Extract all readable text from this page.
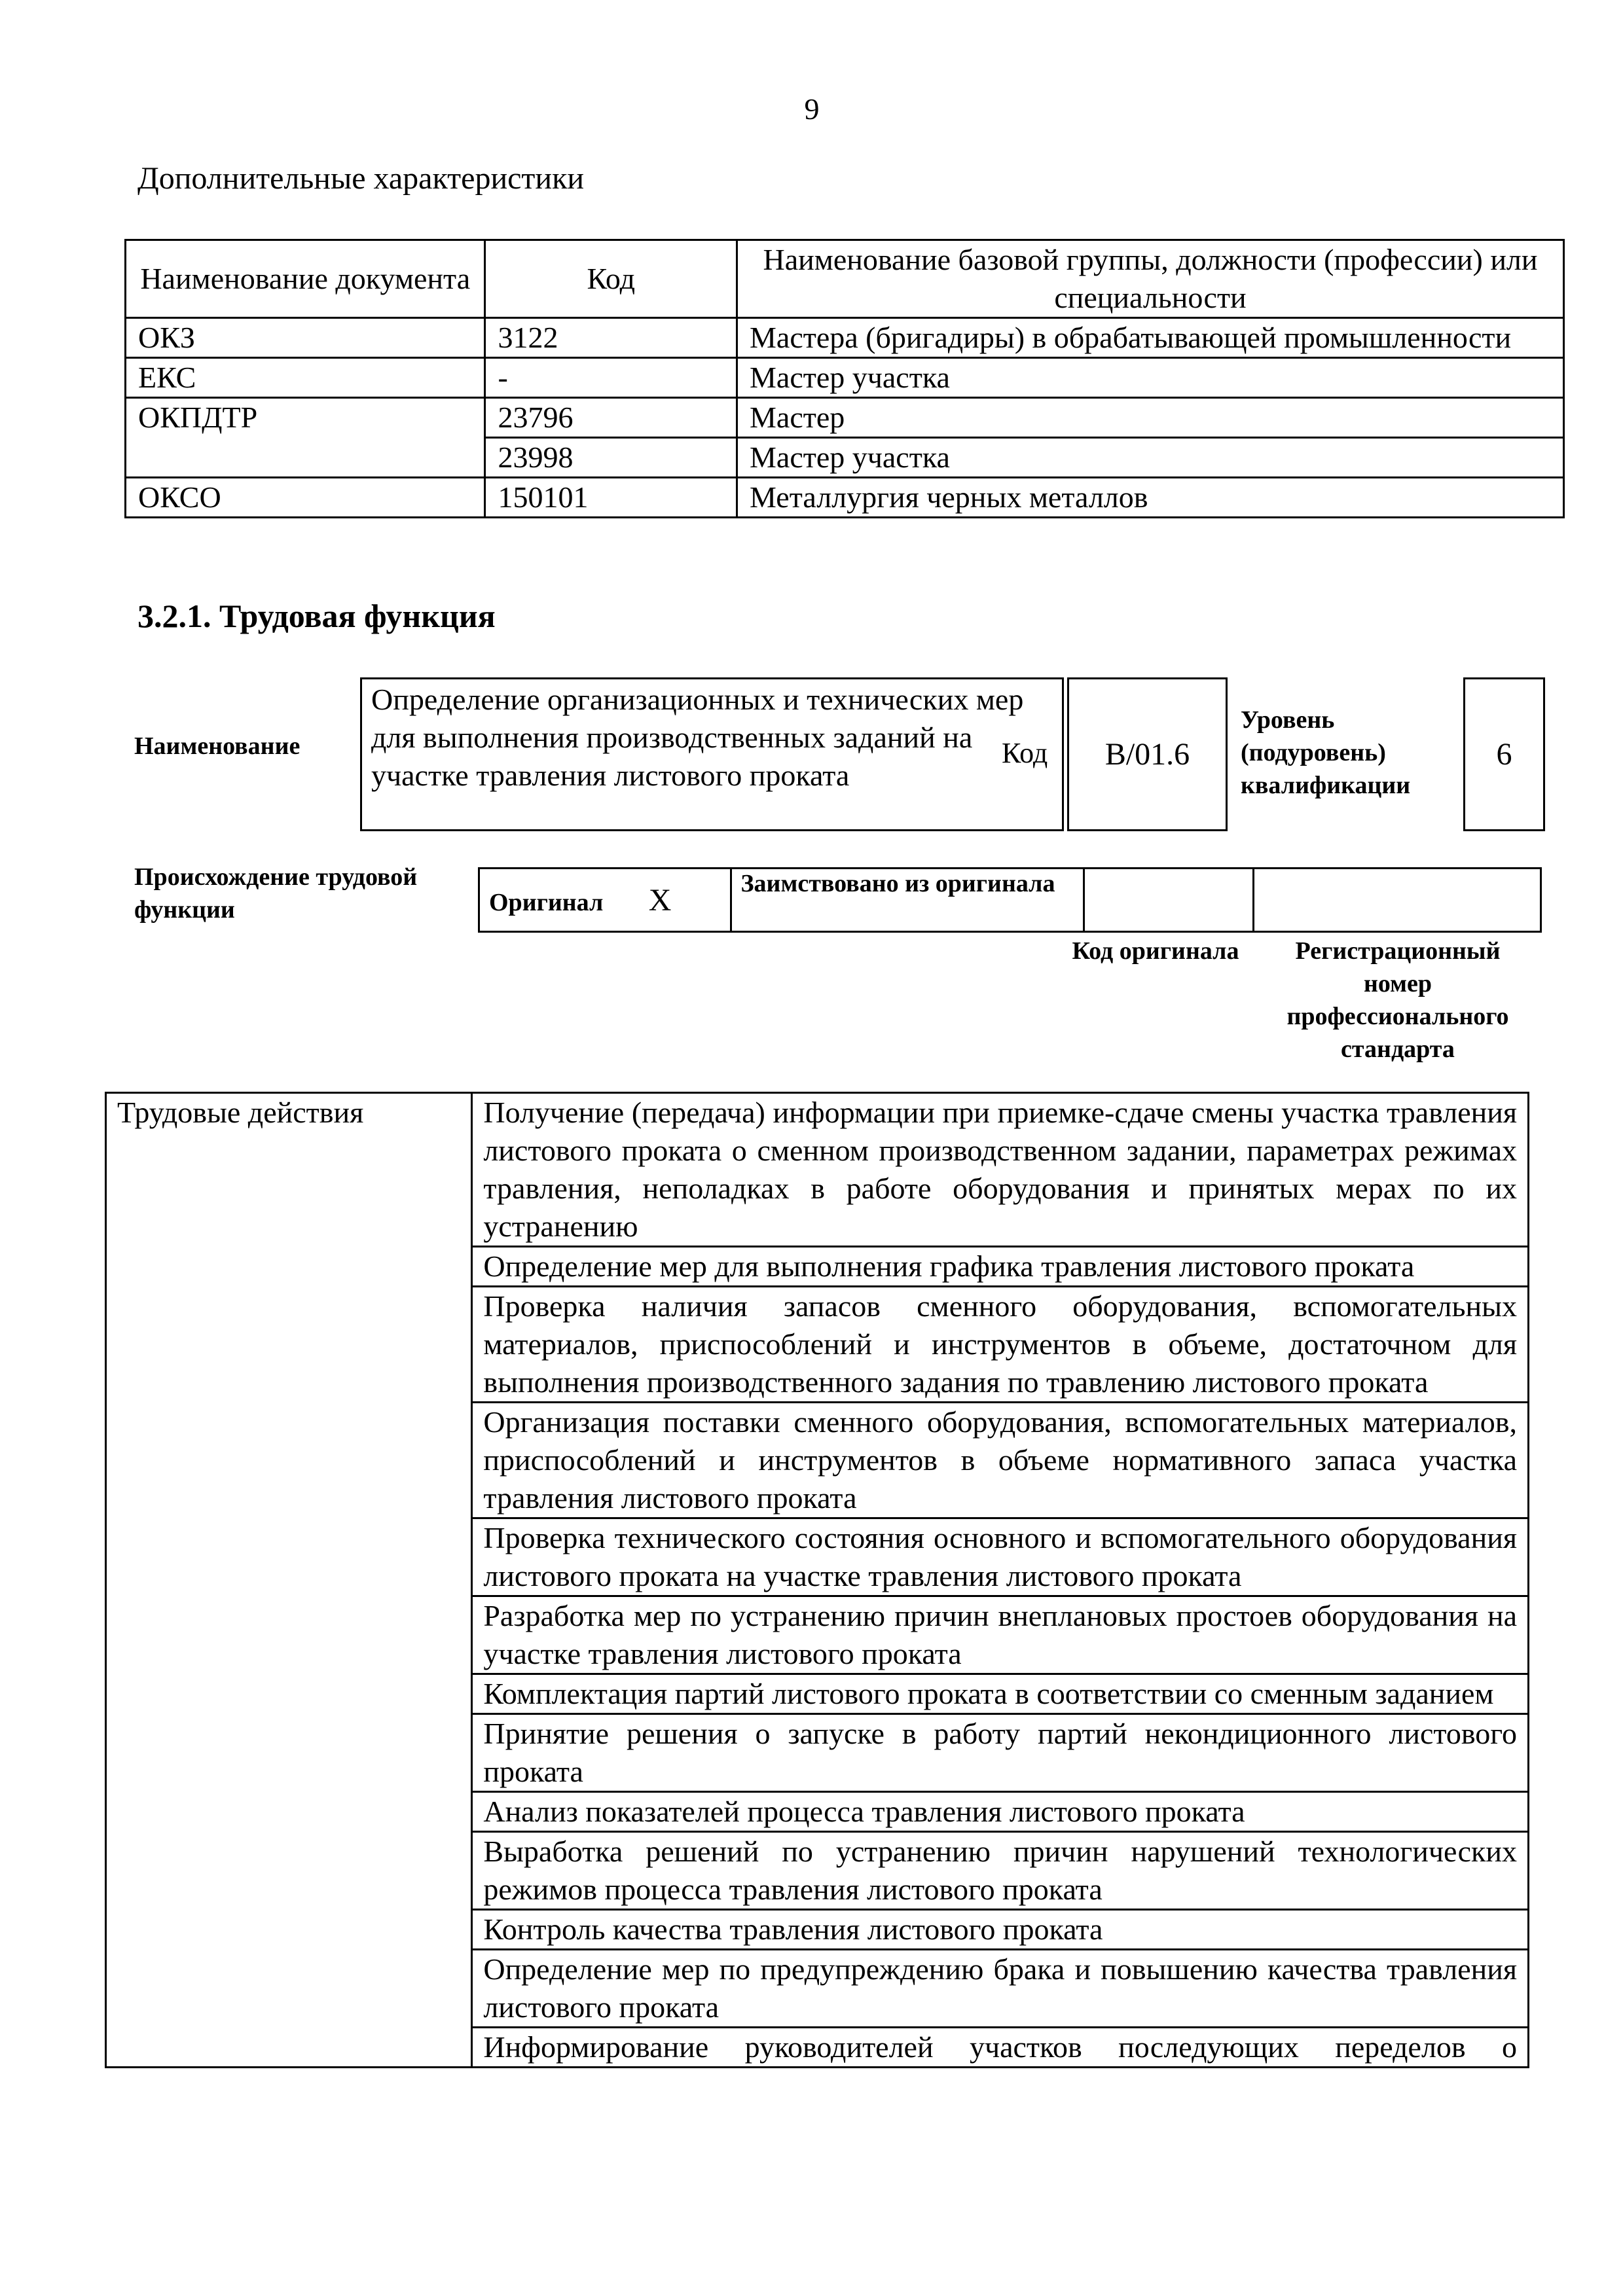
9
Дополнительные характеристики
Наименование документа	Код	Наименование базовой группы, должности (профессии) или специальности
ОКЗ	3122	Мастера (бригадиры) в обрабатывающей промышленности
ЕКС	-	Мастер участка
ОКПДТР	23796	Мастер
	23998	Мастер участка
ОКСО	150101	Металлургия черных металлов
3.2.1. Трудовая функция
Наименование
Определение организационных и технических мер для выполнения производственных заданий на участке травления листового проката
Код	B/01.6
Уровень (подуровень) квалификации
6
Происхождение трудовой функции	Оригинал X	Заимствовано из оригинала		
Код оригинала	Регистрационный номер профессионального стандарта
Трудовые действия	Получение (передача) информации при приемке-сдаче смены участка травления листового проката о сменном производственном задании, параметрах режимах травления, неполадках в работе оборудования и принятых мерах по их устранению
Определение мер для выполнения графика травления листового проката
Проверка наличия запасов сменного оборудования, вспомогательных материалов, приспособлений и инструментов в объеме, достаточном для выполнения производственного задания по травлению листового проката
Организация поставки сменного оборудования, вспомогательных материалов, приспособлений и инструментов в объеме нормативного запаса участка травления листового проката
Проверка технического состояния основного и вспомогательного оборудования листового проката на участке травления листового проката
Разработка мер по устранению причин внеплановых простоев оборудования на участке травления листового проката
Комплектация партий листового проката в соответствии со сменным заданием
Принятие решения о запуске в работу партий некондиционного листового проката
Анализ показателей процесса травления листового проката
Выработка решений по устранению причин нарушений технологических режимов процесса травления листового проката
Контроль качества травления листового проката
Определение мер по предупреждению брака и повышению качества травления листового проката
Информирование руководителей участков последующих переделов о
